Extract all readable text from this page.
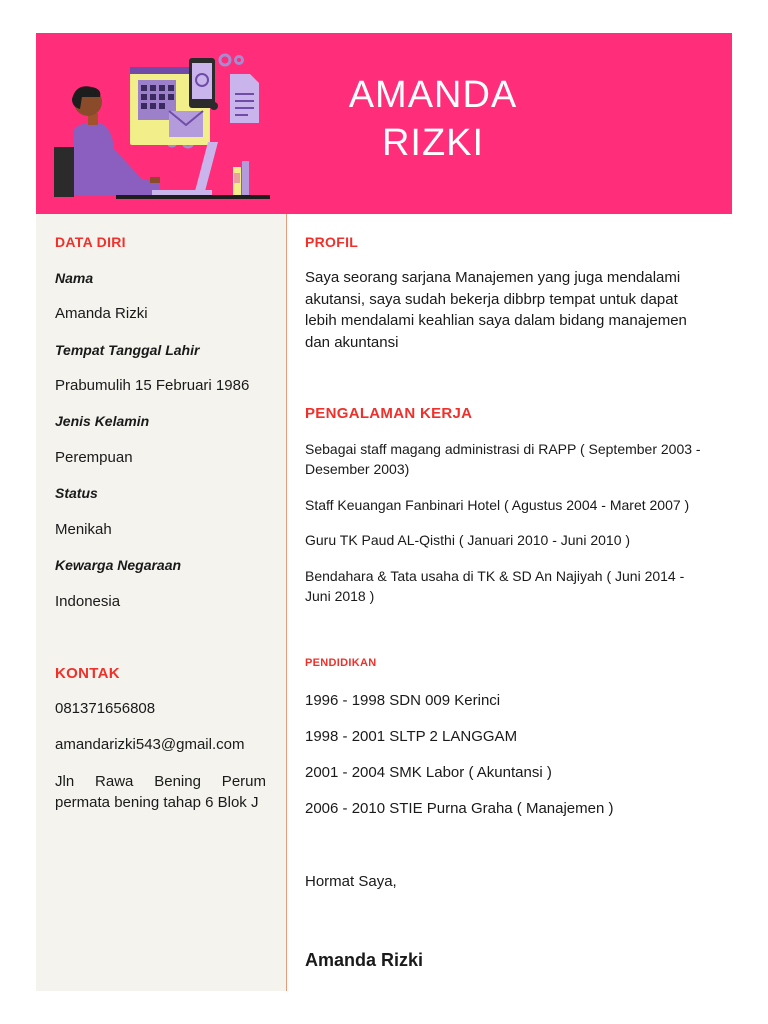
AMANDA
RIZKI
DATA DIRI
Nama
Amanda Rizki
Tempat Tanggal Lahir
Prabumulih 15 Februari 1986
Jenis Kelamin
Perempuan
Status
Menikah
Kewarga Negaraan
Indonesia
KONTAK
081371656808
amandarizki543@gmail.com
Jln Rawa Bening Perum permata bening tahap 6 Blok J
PROFIL
Saya seorang sarjana Manajemen yang juga mendalami akutansi, saya sudah bekerja dibbrp tempat untuk dapat lebih mendalami keahlian saya dalam bidang manajemen dan akuntansi
PENGALAMAN KERJA
Sebagai staff magang administrasi di RAPP ( September 2003 - Desember 2003)
Staff Keuangan Fanbinari Hotel ( Agustus 2004 - Maret 2007 )
Guru TK Paud AL-Qisthi ( Januari 2010 - Juni 2010 )
Bendahara & Tata usaha di TK & SD An Najiyah ( Juni 2014 - Juni 2018 )
PENDIDIKAN
1996 - 1998 SDN 009 Kerinci
1998 - 2001 SLTP 2 LANGGAM
2001 - 2004 SMK Labor ( Akuntansi )
2006 - 2010 STIE Purna Graha ( Manajemen )
Hormat Saya,
Amanda Rizki
